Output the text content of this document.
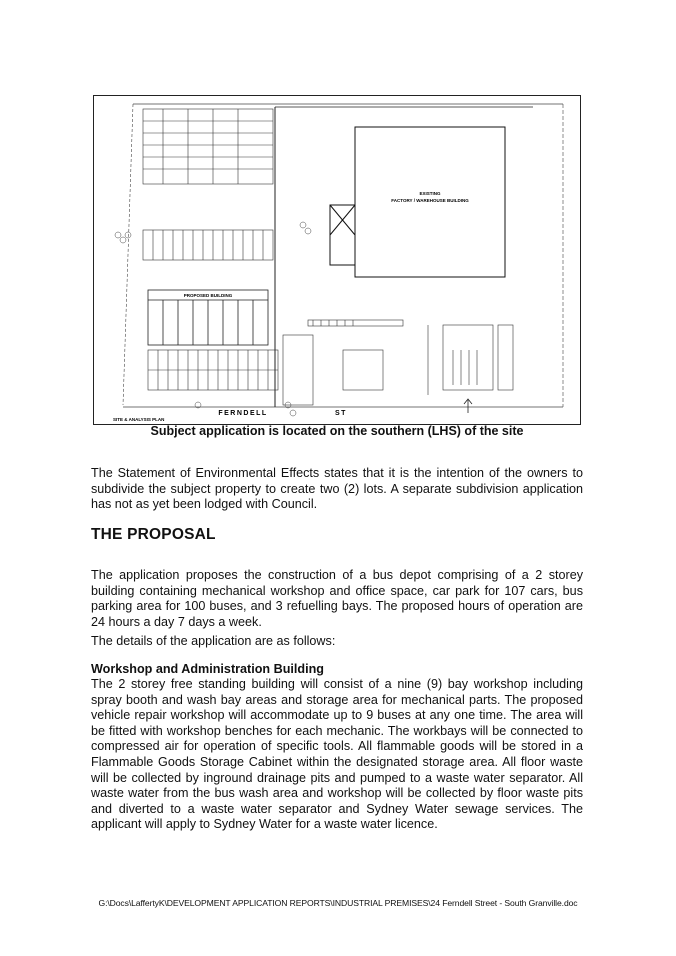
PROPOSED BUILDING
EXISTING
FACTORY / WAREHOUSE BUILDING
FERNDELL	ST
SITE & ANALYSIS PLAN
Subject application is located on the southern (LHS) of the site

The Statement of Environmental Effects states that it is the intention of the owners to subdivide the subject property to create two (2) lots. A separate subdivision application has not as yet been lodged with Council.

THE PROPOSAL

The application proposes the construction of a bus depot comprising of a 2 storey building containing mechanical workshop and office space, car park for 107 cars, bus parking area for 100 buses, and 3 refuelling bays. The proposed hours of operation are 24 hours a day 7 days a week.

The details of the application are as follows:

Workshop and Administration Building

The 2 storey free standing building will consist of a nine (9) bay workshop including spray booth and wash bay areas and storage area for mechanical parts. The proposed vehicle repair workshop will accommodate up to 9 buses at any one time. The area will be fitted with workshop benches for each mechanic. The workbays will be connected to compressed air for operation of specific tools. All flammable goods will be stored in a Flammable Goods Storage Cabinet within the designated storage area. All floor waste will be collected by inground drainage pits and pumped to a waste water separator. All waste water from the bus wash area and workshop will be collected by floor waste pits and diverted to a waste water separator and Sydney Water sewage services. The applicant will apply to Sydney Water for a waste water licence.

G:\Docs\LaffertyK\DEVELOPMENT APPLICATION REPORTS\INDUSTRIAL PREMISES\24 Ferndell Street - South Granville.doc
